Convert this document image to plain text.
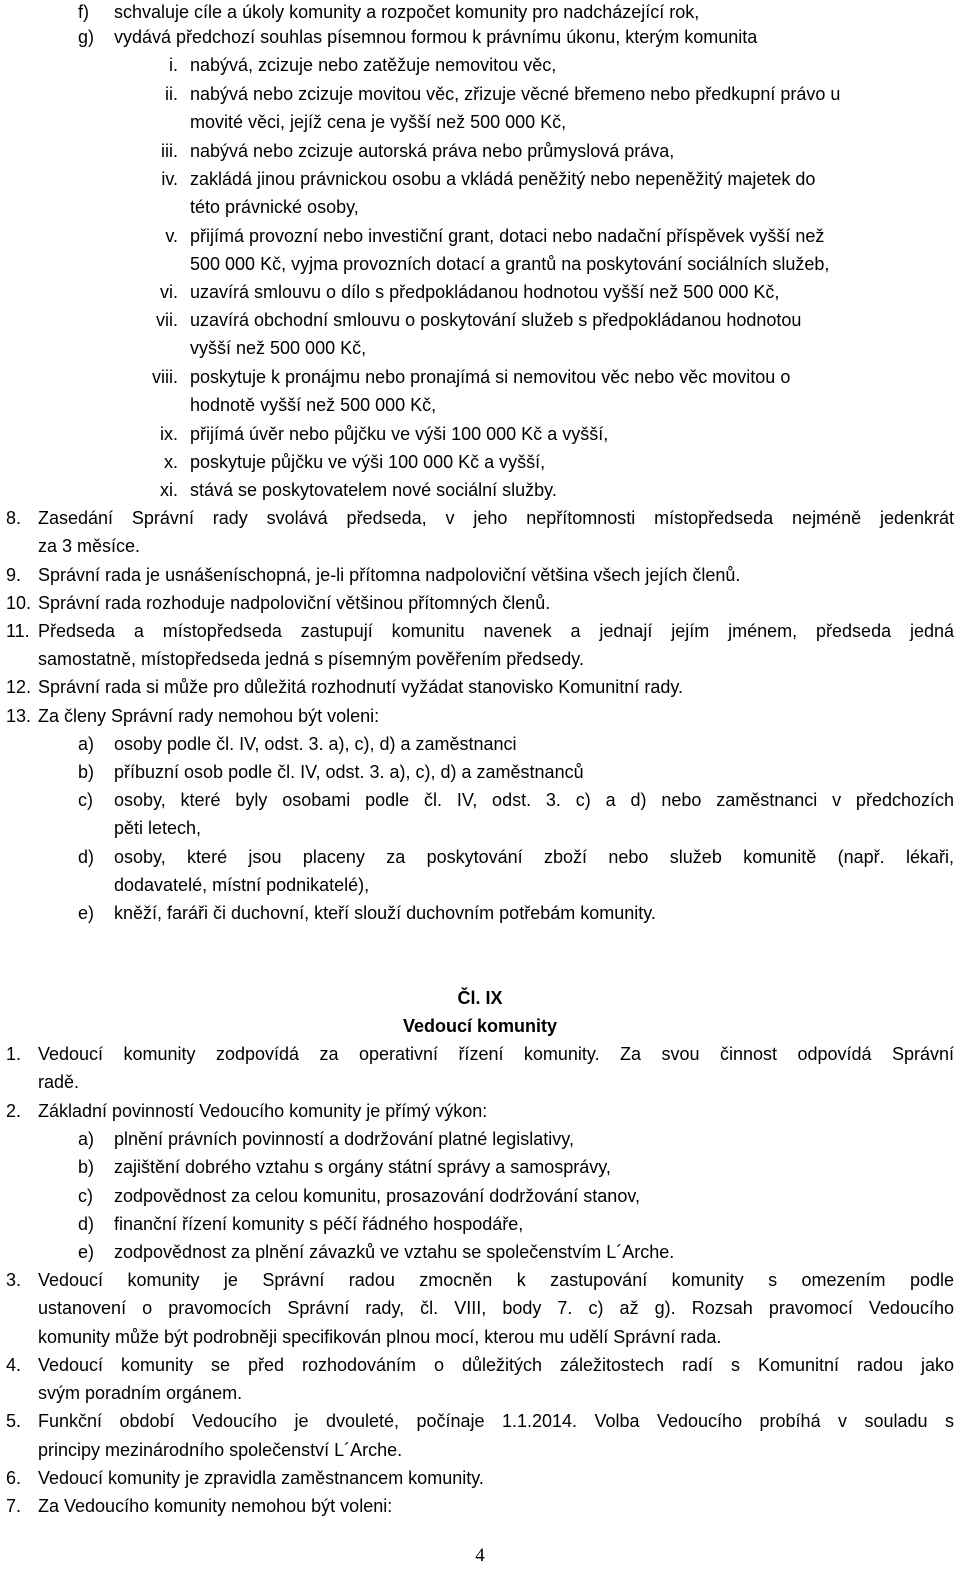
f) schvaluje cíle a úkoly komunity a rozpočet komunity pro nadcházející rok,
g) vydává předchozí souhlas písemnou formou k právnímu úkonu, kterým komunita
i. nabývá, zcizuje nebo zatěžuje nemovitou věc,
ii. nabývá nebo zcizuje movitou věc, zřizuje věcné břemeno nebo předkupní právo u
movité věci, jejíž cena je vyšší než 500 000 Kč,
iii. nabývá nebo zcizuje autorská práva nebo průmyslová práva,
iv. zakládá jinou právnickou osobu a vkládá peněžitý nebo nepeněžitý majetek do
této právnické osoby,
v. přijímá provozní nebo investiční grant, dotaci nebo nadační příspěvek vyšší než
500 000 Kč, vyjma provozních dotací a grantů na poskytování sociálních služeb,
vi. uzavírá smlouvu o dílo s předpokládanou hodnotou vyšší než 500 000 Kč,
vii. uzavírá obchodní smlouvu o poskytování služeb s předpokládanou hodnotou
vyšší než 500 000 Kč,
viii. poskytuje k pronájmu nebo pronajímá si nemovitou věc nebo věc movitou o
hodnotě vyšší než 500 000 Kč,
ix. přijímá úvěr nebo půjčku ve výši 100 000 Kč a vyšší,
x. poskytuje půjčku ve výši 100 000 Kč a vyšší,
xi. stává se poskytovatelem nové sociální služby.
8. Zasedání Správní rady svolává předseda, v jeho nepřítomnosti místopředseda nejméně jedenkrát
za 3 měsíce.
9. Správní rada je usnášeníschopná, je-li přítomna nadpoloviční většina všech jejích členů.
10. Správní rada rozhoduje nadpoloviční většinou přítomných členů.
11. Předseda a místopředseda zastupují komunitu navenek a jednají jejím jménem, předseda jedná
samostatně, místopředseda jedná s písemným pověřením předsedy.
12. Správní rada si může pro důležitá rozhodnutí vyžádat stanovisko Komunitní rady.
13. Za členy Správní rady nemohou být voleni:
a) osoby podle čl. IV, odst. 3. a), c), d) a zaměstnanci
b) příbuzní osob podle čl. IV, odst. 3. a), c), d) a zaměstnanců
c) osoby, které byly osobami podle čl. IV, odst. 3. c) a d) nebo zaměstnanci v předchozích
pěti letech,
d) osoby, které jsou placeny za poskytování zboží nebo služeb komunitě (např. lékaři,
dodavatelé, místní podnikatelé),
e) kněží, faráři či duchovní, kteří slouží duchovním potřebám komunity.
Čl. IX
Vedoucí komunity
1. Vedoucí komunity zodpovídá za operativní řízení komunity. Za svou činnost odpovídá Správní
radě.
2. Základní povinností Vedoucího komunity je přímý výkon:
a) plnění právních povinností a dodržování platné legislativy,
b) zajištění dobrého vztahu s orgány státní správy a samosprávy,
c) zodpovědnost za celou komunitu, prosazování dodržování stanov,
d) finanční řízení komunity s péčí řádného hospodáře,
e) zodpovědnost za plnění závazků ve vztahu se společenstvím L´Arche.
3. Vedoucí komunity je Správní radou zmocněn k zastupování komunity s omezením podle
ustanovení o pravomocích Správní rady, čl. VIII, body 7. c) až g). Rozsah pravomocí Vedoucího
komunity může být podrobněji specifikován plnou mocí, kterou mu udělí Správní rada.
4. Vedoucí komunity se před rozhodováním o důležitých záležitostech radí s Komunitní radou jako
svým poradním orgánem.
5. Funkční období Vedoucího je dvouleté, počínaje 1.1.2014. Volba Vedoucího probíhá v souladu s
principy mezinárodního společenství L´Arche.
6. Vedoucí komunity je zpravidla zaměstnancem komunity.
7. Za Vedoucího komunity nemohou být voleni:
4
